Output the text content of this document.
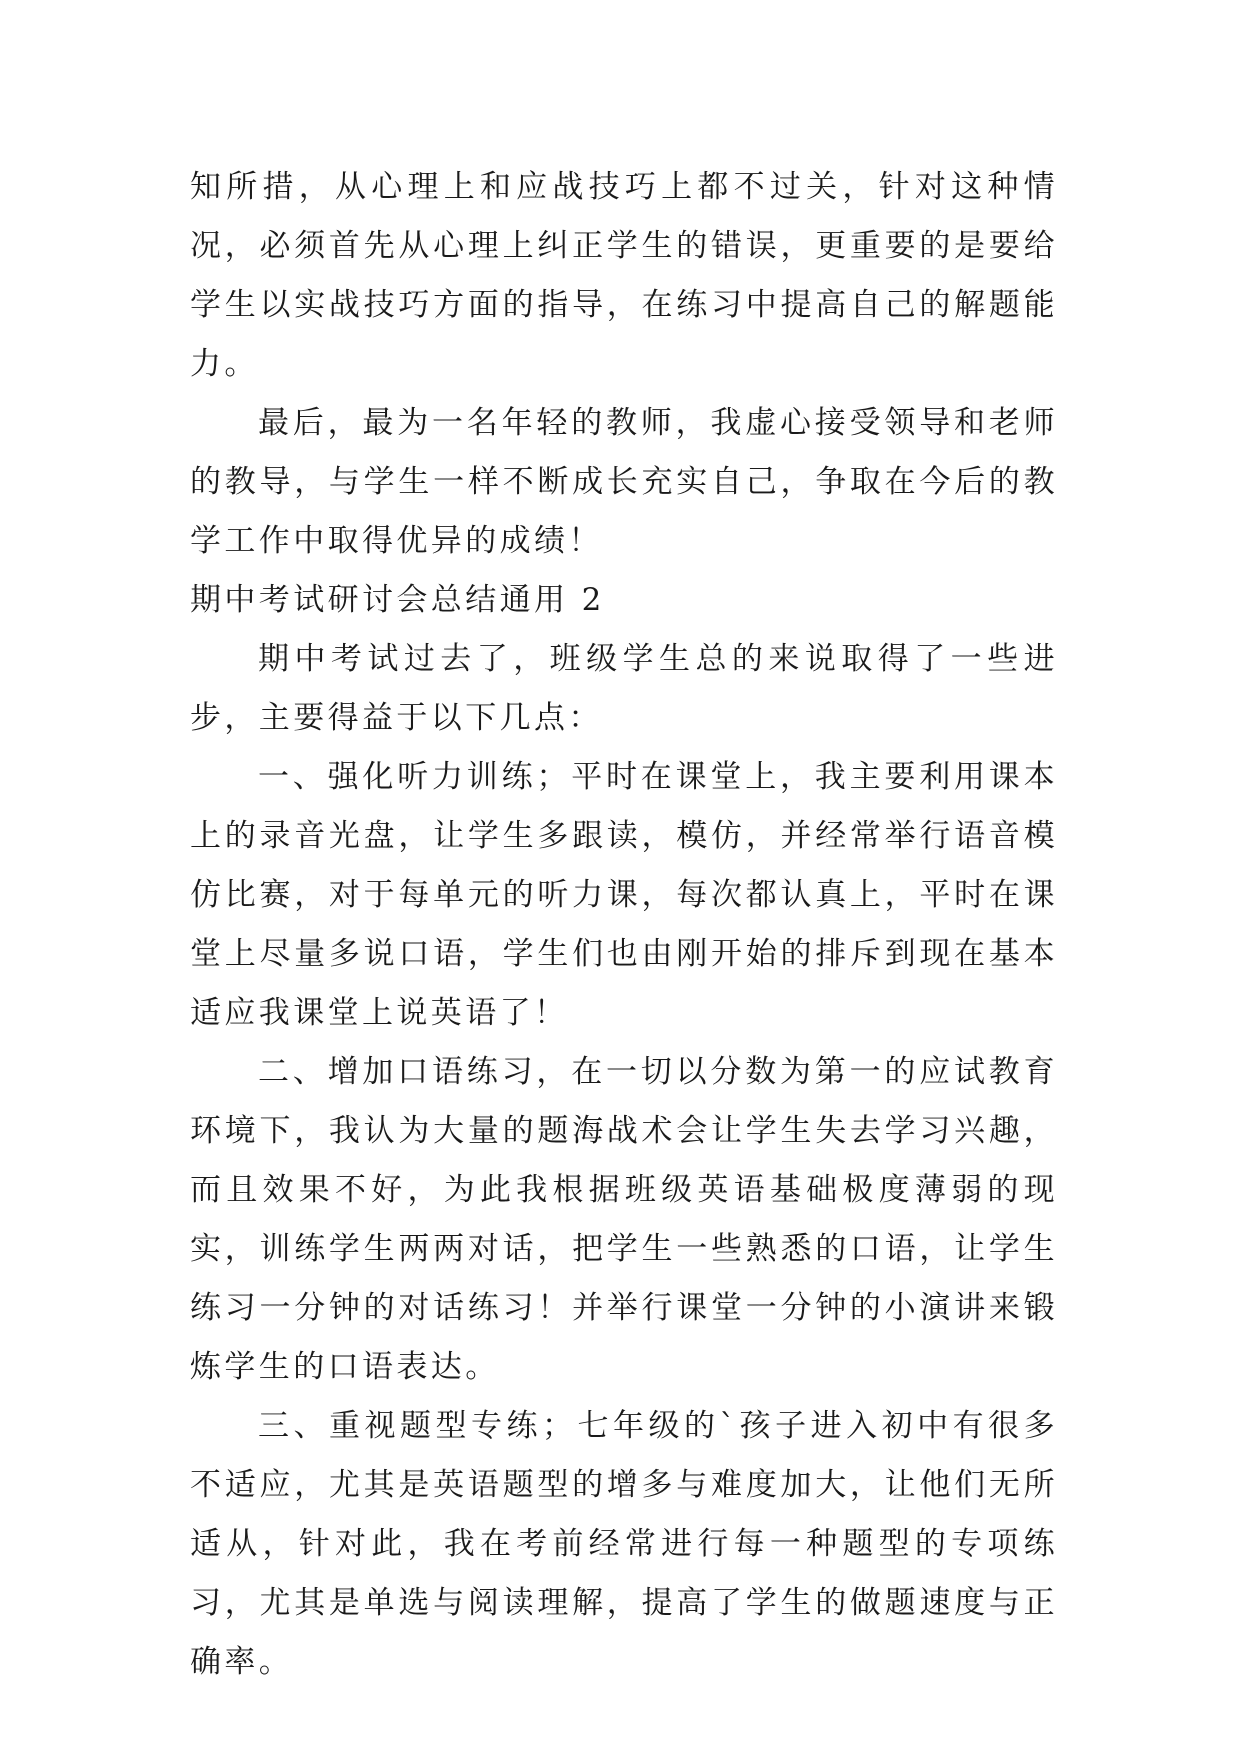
知所措，从心理上和应战技巧上都不过关，针对这种情况，必须首先从心理上纠正学生的错误，更重要的是要给学生以实战技巧方面的指导，在练习中提高自己的解题能力。

最后，最为一名年轻的教师，我虚心接受领导和老师的教导，与学生一样不断成长充实自己，争取在今后的教学工作中取得优异的成绩！

期中考试研讨会总结通用 2

期中考试过去了，班级学生总的来说取得了一些进步，主要得益于以下几点：

一、强化听力训练；平时在课堂上，我主要利用课本上的录音光盘，让学生多跟读，模仿，并经常举行语音模仿比赛，对于每单元的听力课，每次都认真上，平时在课堂上尽量多说口语，学生们也由刚开始的排斥到现在基本适应我课堂上说英语了！

二、增加口语练习，在一切以分数为第一的应试教育环境下，我认为大量的题海战术会让学生失去学习兴趣，而且效果不好，为此我根据班级英语基础极度薄弱的现实，训练学生两两对话，把学生一些熟悉的口语，让学生练习一分钟的对话练习！并举行课堂一分钟的小演讲来锻炼学生的口语表达。

三、重视题型专练；七年级的`孩子进入初中有很多不适应，尤其是英语题型的增多与难度加大，让他们无所适从，针对此，我在考前经常进行每一种题型的专项练习，尤其是单选与阅读理解，提高了学生的做题速度与正确率。
